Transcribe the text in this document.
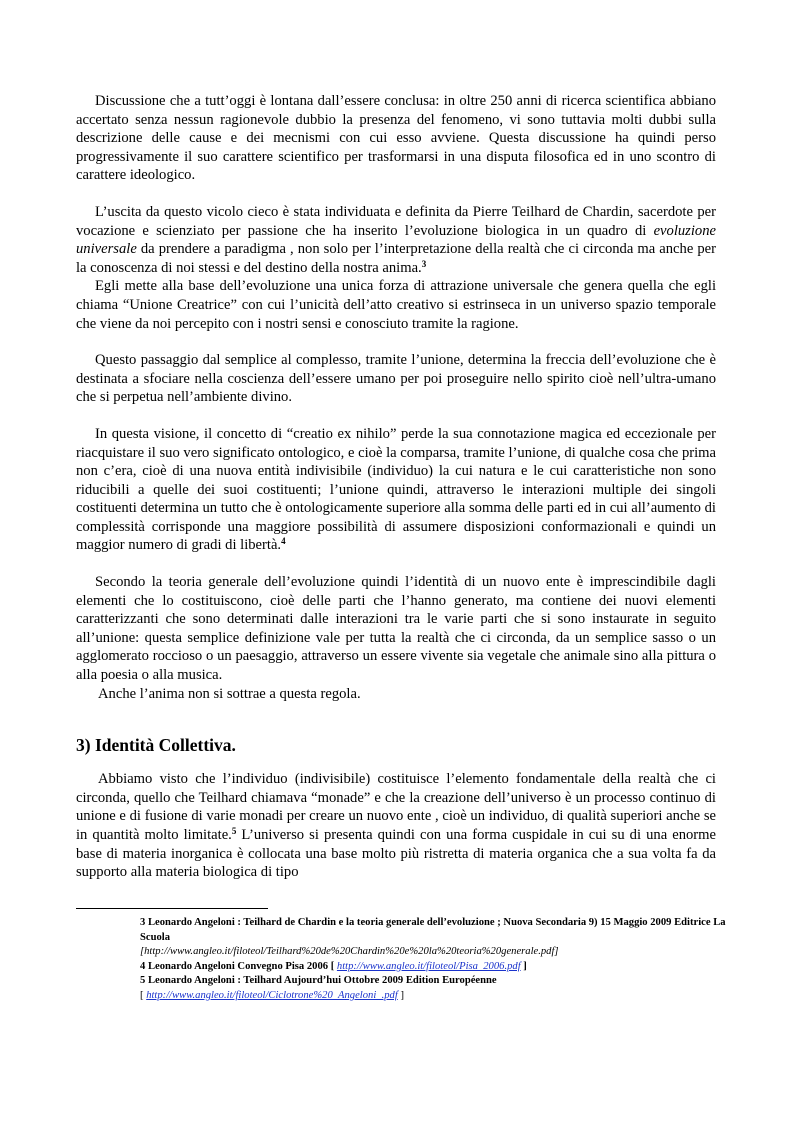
Discussione che a tutt’oggi è lontana dall’essere conclusa: in oltre 250 anni di ricerca scientifica abbiano accertato senza nessun ragionevole dubbio la presenza del fenomeno, vi sono tuttavia molti dubbi sulla descrizione delle cause e dei mecnismi con cui esso avviene. Questa discussione ha quindi perso progressivamente il suo carattere scientifico per trasformarsi in una disputa filosofica ed in uno scontro di carattere ideologico.

L’uscita da questo vicolo cieco è stata individuata e definita da Pierre Teilhard de Chardin, sacerdote per vocazione e scienziato per passione che ha inserito l’evoluzione biologica in un quadro di evoluzione universale da prendere a paradigma , non solo per l’interpretazione della realtà che ci circonda ma anche per la conoscenza di noi stessi e del destino della nostra anima.$^3$

Egli mette alla base dell’evoluzione una unica forza di attrazione universale che genera quella che egli chiama “Unione Creatrice” con cui l’unicità dell’atto creativo si estrinseca in un universo spazio temporale che viene da noi percepito con i nostri sensi e conosciuto tramite la ragione.

Questo passaggio dal semplice al complesso, tramite l’unione, determina la freccia dell’evoluzione che è destinata a sfociare nella coscienza dell’essere umano per poi proseguire nello spirito cioè nell’ultra-umano che si perpetua nell’ambiente divino.

In questa visione, il concetto di “creatio ex nihilo” perde la sua connotazione magica ed eccezionale per riacquistare il suo vero significato ontologico, e cioè la comparsa, tramite l’unione, di qualche cosa che prima non c’era, cioè di una nuova entità indivisibile (individuo) la cui natura e le cui caratteristiche non sono riducibili a quelle dei suoi costituenti; l’unione quindi, attraverso le interazioni multiple dei singoli costituenti determina un tutto che è ontologicamente superiore alla somma delle parti ed in cui all’aumento di complessità corrisponde una maggiore possibilità di assumere disposizioni conformazionali e quindi un maggior numero di gradi di libertà.$^4$

Secondo la teoria generale dell’evoluzione quindi l’identità di un nuovo ente è imprescindibile dagli elementi che lo costituiscono, cioè delle parti che l’hanno generato, ma contiene dei nuovi elementi caratterizzanti che sono determinati dalle interazioni tra le varie parti che si sono instaurate in seguito all’unione: questa semplice definizione vale per tutta la realtà che ci circonda, da un semplice sasso o un agglomerato roccioso o un paesaggio, attraverso un essere vivente sia vegetale che animale sino alla pittura o alla poesia o alla musica.

Anche l’anima non si sottrae a questa regola.

3) Identità Collettiva.

Abbiamo visto che l’individuo (indivisibile) costituisce l’elemento fondamentale della realtà che ci circonda, quello che Teilhard chiamava “monade” e che la creazione dell’universo è un processo continuo di unione e di fusione di varie monadi per creare un nuovo ente , cioè un individuo, di qualità superiori anche se in quantità molto limitate.$^5$ L’universo si presenta quindi con una forma cuspidale in cui su di una enorme base di materia inorganica è collocata una base molto più ristretta di materia organica che a sua volta fa da supporto alla materia biologica di tipo

3 Leonardo Angeloni : Teilhard de Chardin e la teoria generale dell’evoluzione ; Nuova Secondaria 9) 15 Maggio 2009 Editrice La Scuola
[http://www.angleo.it/filoteol/Teilhard%20de%20Chardin%20e%20la%20teoria%20generale.pdf]

4 Leonardo Angeloni Convegno Pisa 2006 [ http://www.angleo.it/filoteol/Pisa_2006.pdf ]

5 Leonardo Angeloni : Teilhard Aujourd’hui Ottobre 2009 Edition Européenne
[ http://www.angleo.it/filoteol/Ciclotrone%20_Angeloni_.pdf ]
